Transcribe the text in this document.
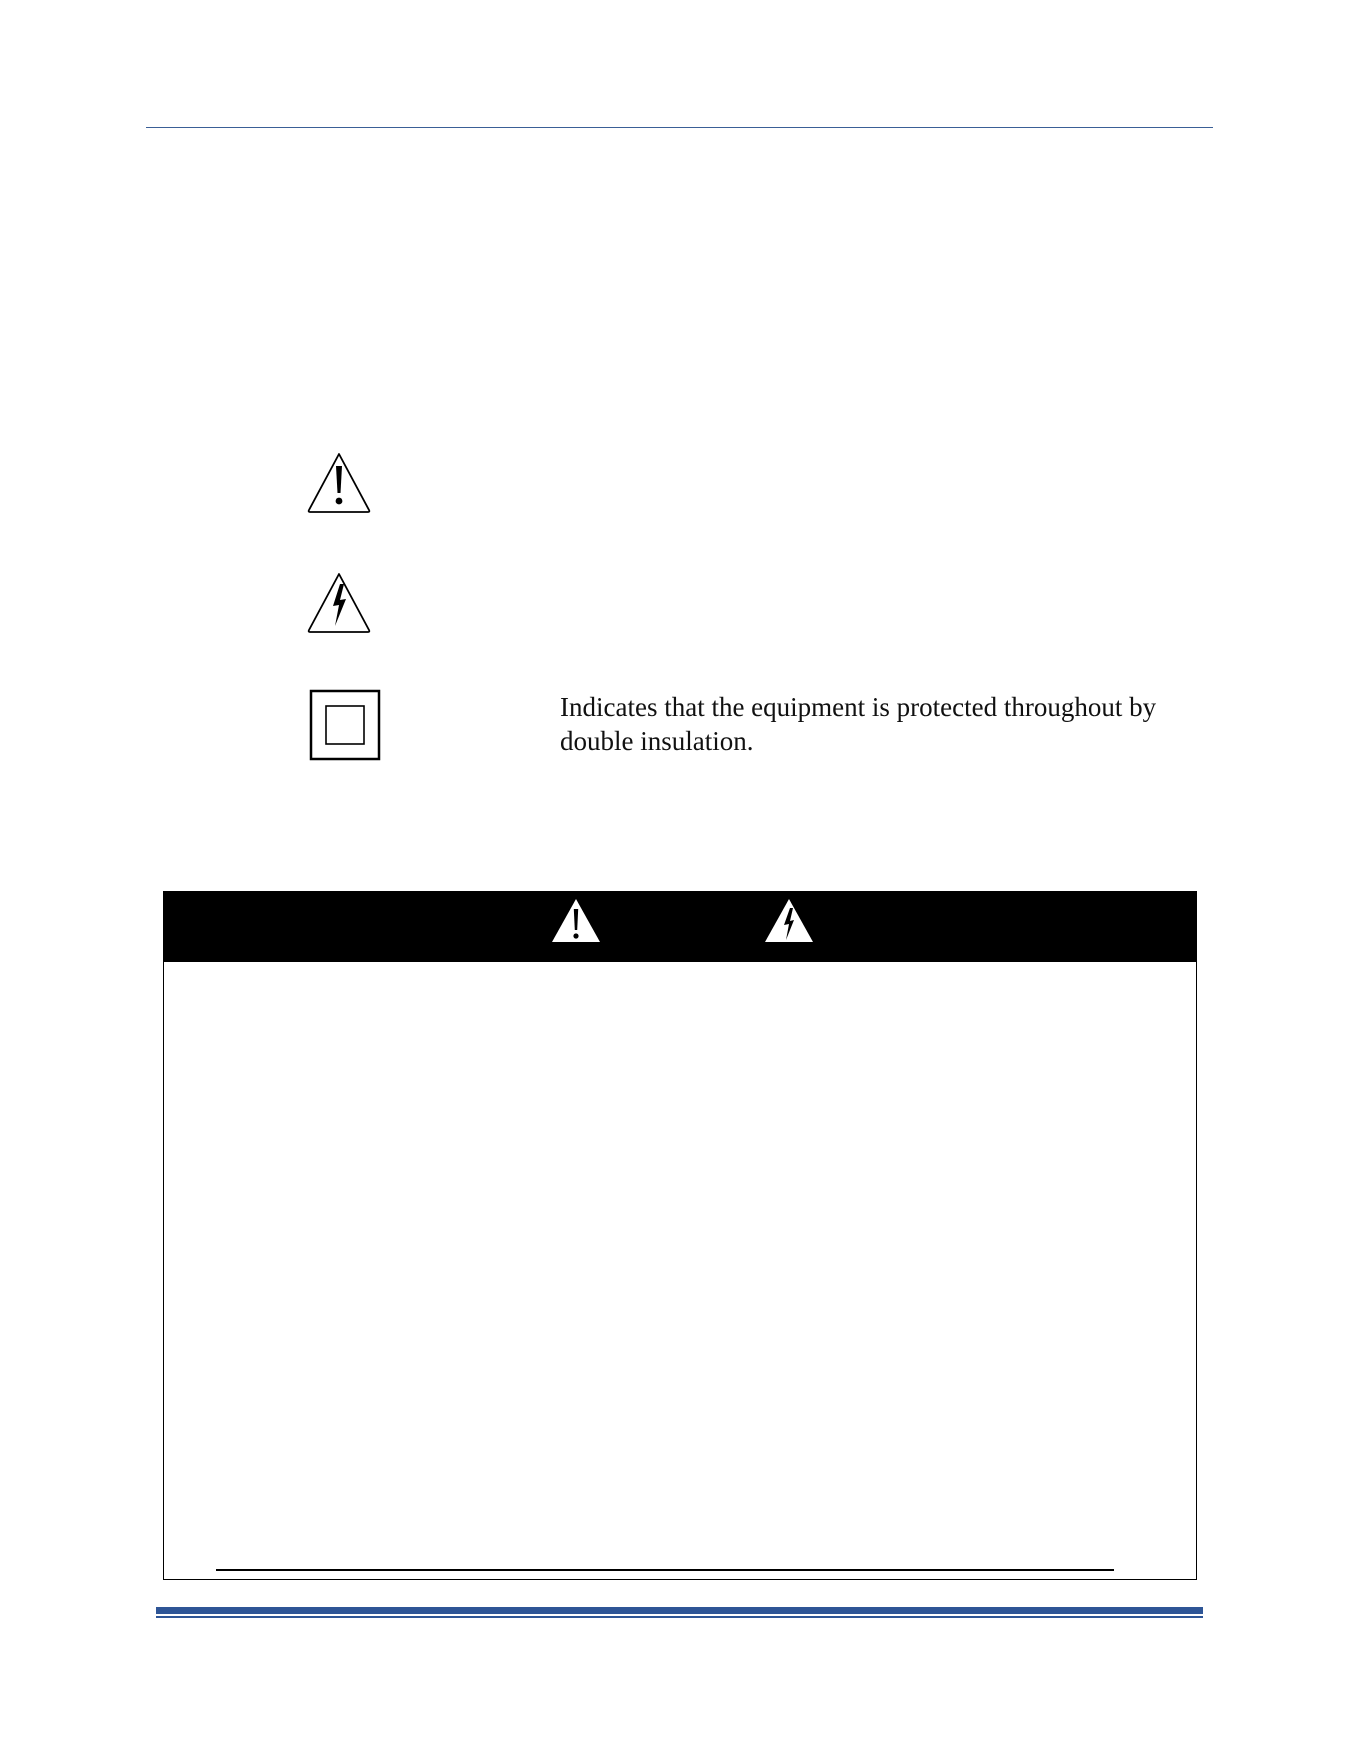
Indicates that the equipment is protected throughout by double insulation.
